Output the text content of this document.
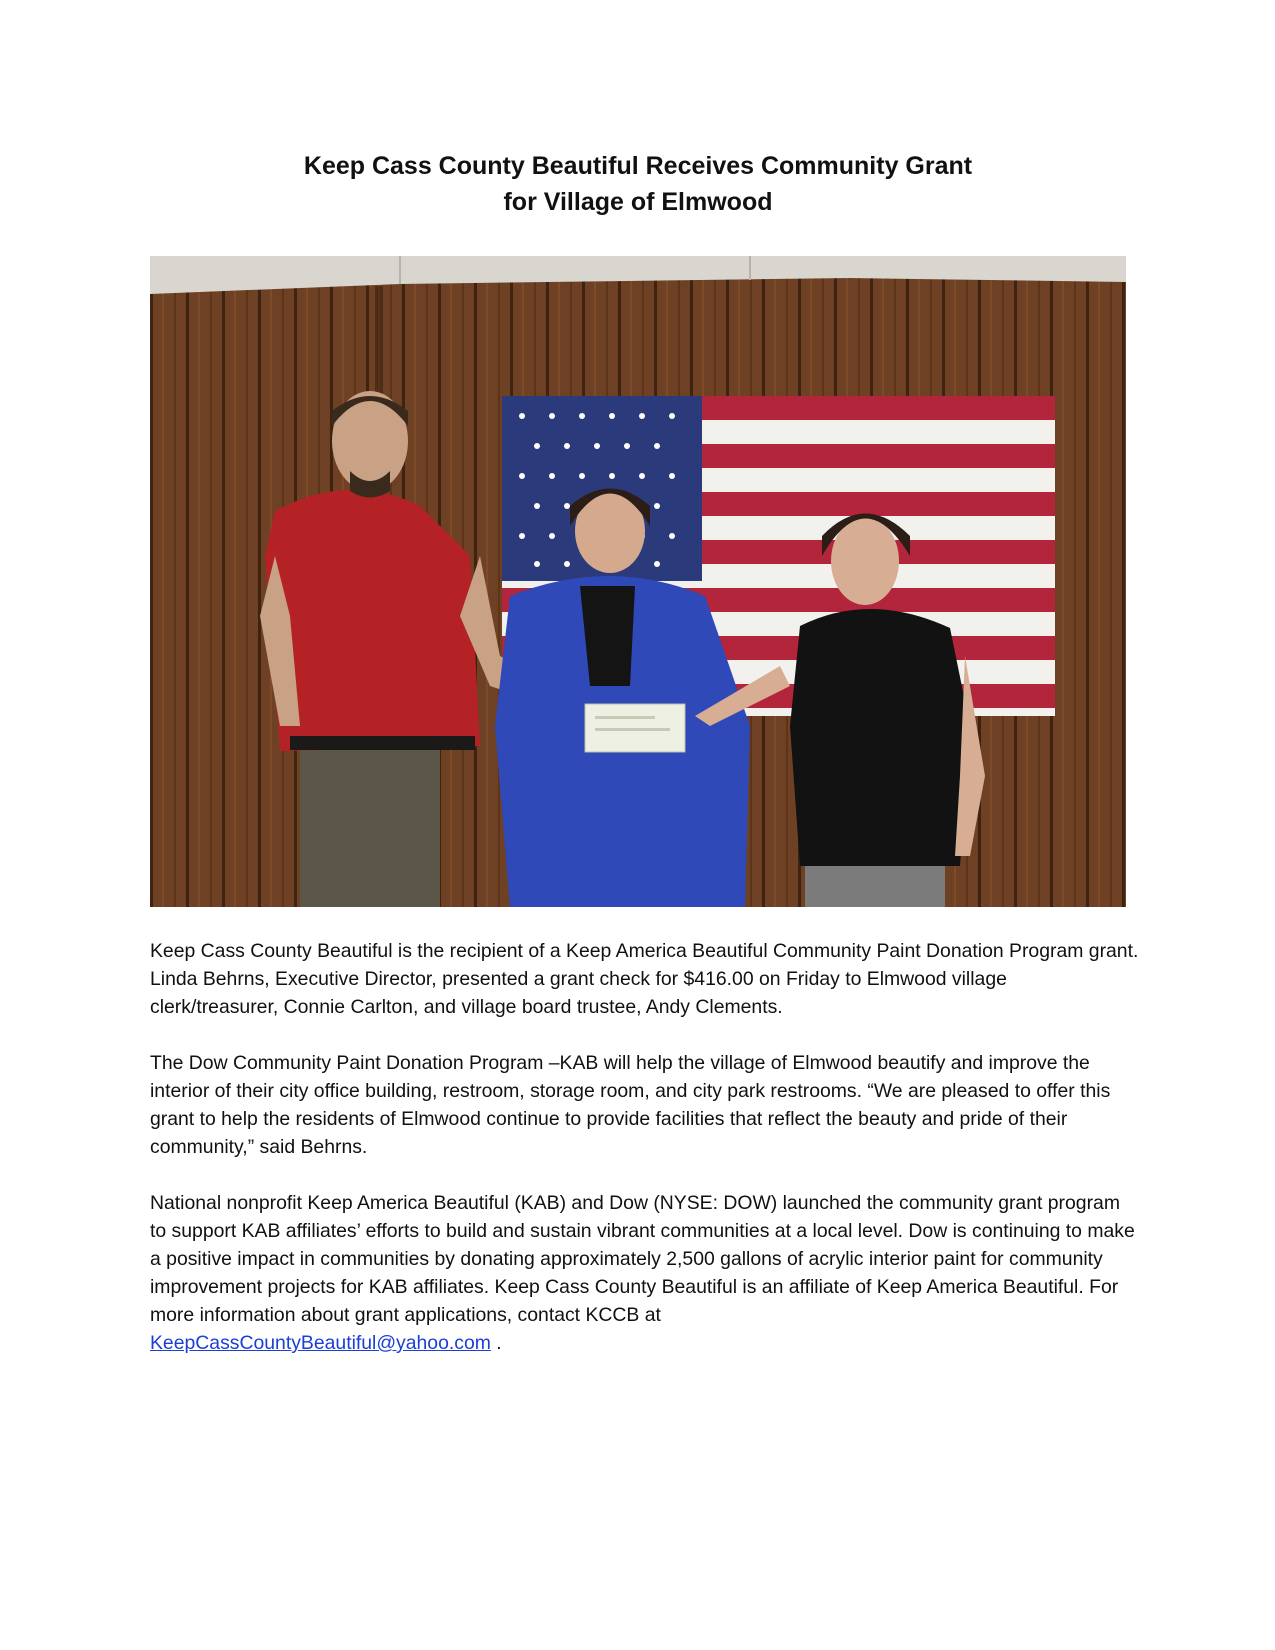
Keep Cass County Beautiful Receives Community Grant
for Village of Elmwood

Keep Cass County Beautiful is the recipient of a Keep America Beautiful Community Paint Donation Program grant. Linda Behrns, Executive Director, presented a grant check for $416.00 on Friday to Elmwood village clerk/treasurer, Connie Carlton, and village board trustee, Andy Clements.

The Dow Community Paint Donation Program –KAB will help the village of Elmwood beautify and improve the interior of their city office building, restroom, storage room, and city park restrooms. “We are pleased to offer this grant to help the residents of Elmwood continue to provide facilities that reflect the beauty and pride of their community,” said Behrns.

National nonprofit Keep America Beautiful (KAB) and Dow (NYSE: DOW) launched the community grant program to support KAB affiliates’ efforts to build and sustain vibrant communities at a local level. Dow is continuing to make a positive impact in communities by donating approximately 2,500 gallons of acrylic interior paint for community improvement projects for KAB affiliates. Keep Cass County Beautiful is an affiliate of Keep America Beautiful. For more information about grant applications, contact KCCB at
KeepCassCountyBeautiful@yahoo.com .
